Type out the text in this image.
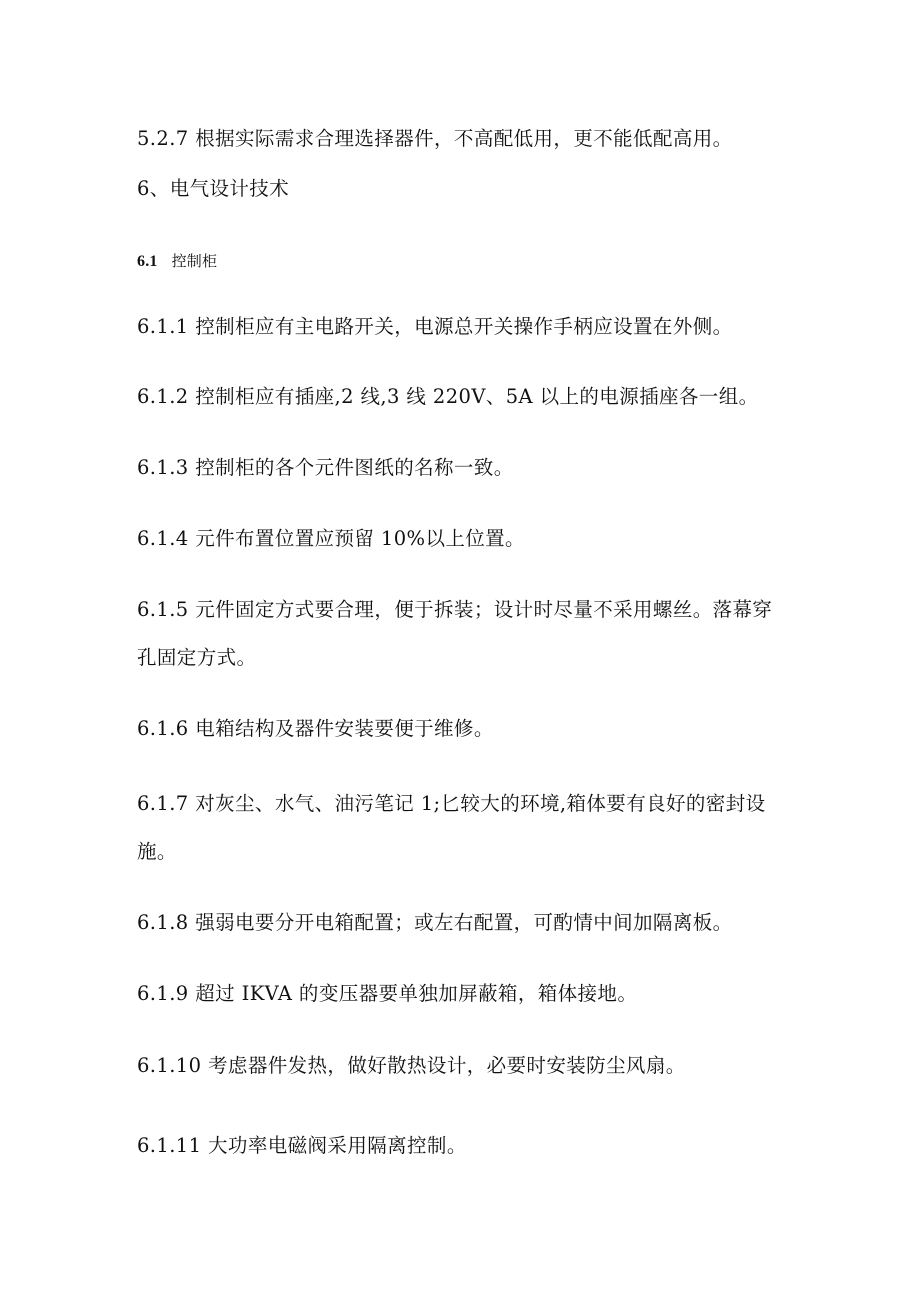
5.2.7 根据实际需求合理选择器件，不高配低用，更不能低配高用。
6、电气设计技术
6.1 控制柜
6.1.1 控制柜应有主电路开关，电源总开关操作手柄应设置在外侧。
6.1.2 控制柜应有插座,2 线,3 线 220V、5A 以上的电源插座各一组。
6.1.3 控制柜的各个元件图纸的名称一致。
6.1.4 元件布置位置应预留 10%以上位置。
6.1.5 元件固定方式要合理，便于拆装；设计时尽量不采用螺丝。落幕穿
孔固定方式。
6.1.6 电箱结构及器件安装要便于维修。
6.1.7 对灰尘、水气、油污笔记 1;匕较大的环境,箱体要有良好的密封设
施。
6.1.8 强弱电要分开电箱配置；或左右配置，可酌情中间加隔离板。
6.1.9 超过 IKVA 的变压器要单独加屏蔽箱，箱体接地。
6.1.10 考虑器件发热，做好散热设计，必要时安装防尘风扇。
6.1.11 大功率电磁阀采用隔离控制。
